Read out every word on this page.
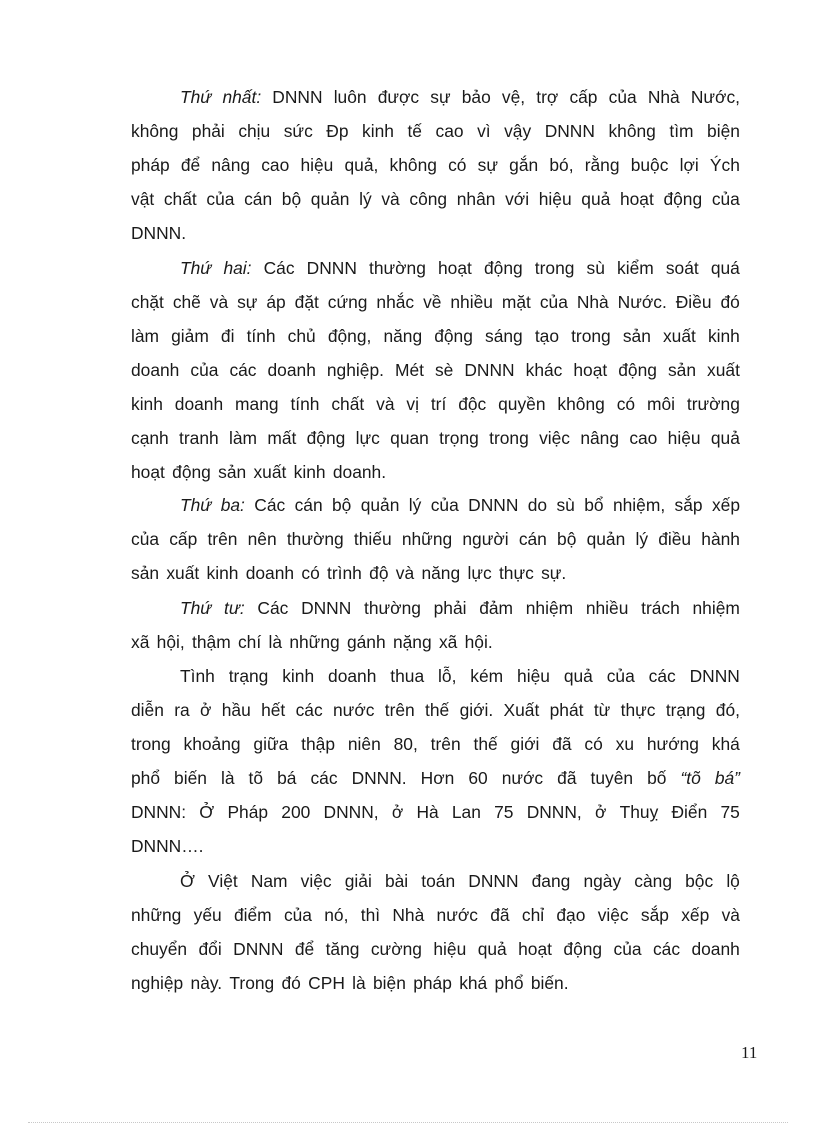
Thứ nhất: DNNN luôn được sự bảo vệ, trợ cấp của Nhà Nước,
không phải chịu sức Đp kinh tế cao vì vậy DNNN không tìm biện
pháp để nâng cao hiệu quả, không có sự gắn bó, rằng buộc lợi Ých
vật chất của cán bộ quản lý và công nhân với hiệu quả hoạt động của
DNNN.
Thứ hai: Các DNNN thường hoạt động trong sù kiểm soát quá
chặt chẽ và sự áp đặt cứng nhắc về nhiều mặt của Nhà Nước. Điều đó
làm giảm đi tính chủ động, năng động sáng tạo trong sản xuất kinh
doanh của các doanh nghiệp. Mét sè DNNN khác hoạt động sản xuất
kinh doanh mang tính chất và vị trí độc quyền không có môi trường
cạnh tranh làm mất động lực quan trọng trong việc nâng cao hiệu quả
hoạt động sản xuất kinh doanh.
Thứ ba: Các cán bộ quản lý của DNNN do sù bổ nhiệm, sắp xếp
của cấp trên nên thường thiếu những người cán bộ quản lý điều hành
sản xuất kinh doanh có trình độ và năng lực thực sự.
Thứ tư: Các DNNN thường phải đảm nhiệm nhiều trách nhiệm
xã hội, thậm chí là những gánh nặng xã hội.
Tình trạng kinh doanh thua lỗ, kém hiệu quả của các DNNN
diễn ra ở hầu hết các nước trên thế giới. Xuất phát từ thực trạng đó,
trong khoảng giữa thập niên 80, trên thế giới đã có xu hướng khá
phổ biến là tõ bá các DNNN. Hơn 60 nước đã tuyên bố “tõ bá”
DNNN: Ở Pháp 200 DNNN, ở Hà Lan 75 DNNN, ở Thuỵ Điển 75
DNNN….
Ở Việt Nam việc giải bài toán DNNN đang ngày càng bộc lộ
những yếu điểm của nó, thì Nhà nước đã chỉ đạo việc sắp xếp và
chuyển đổi DNNN để tăng cường hiệu quả hoạt động của các doanh
nghiệp này. Trong đó CPH là biện pháp khá phổ biến.
11
